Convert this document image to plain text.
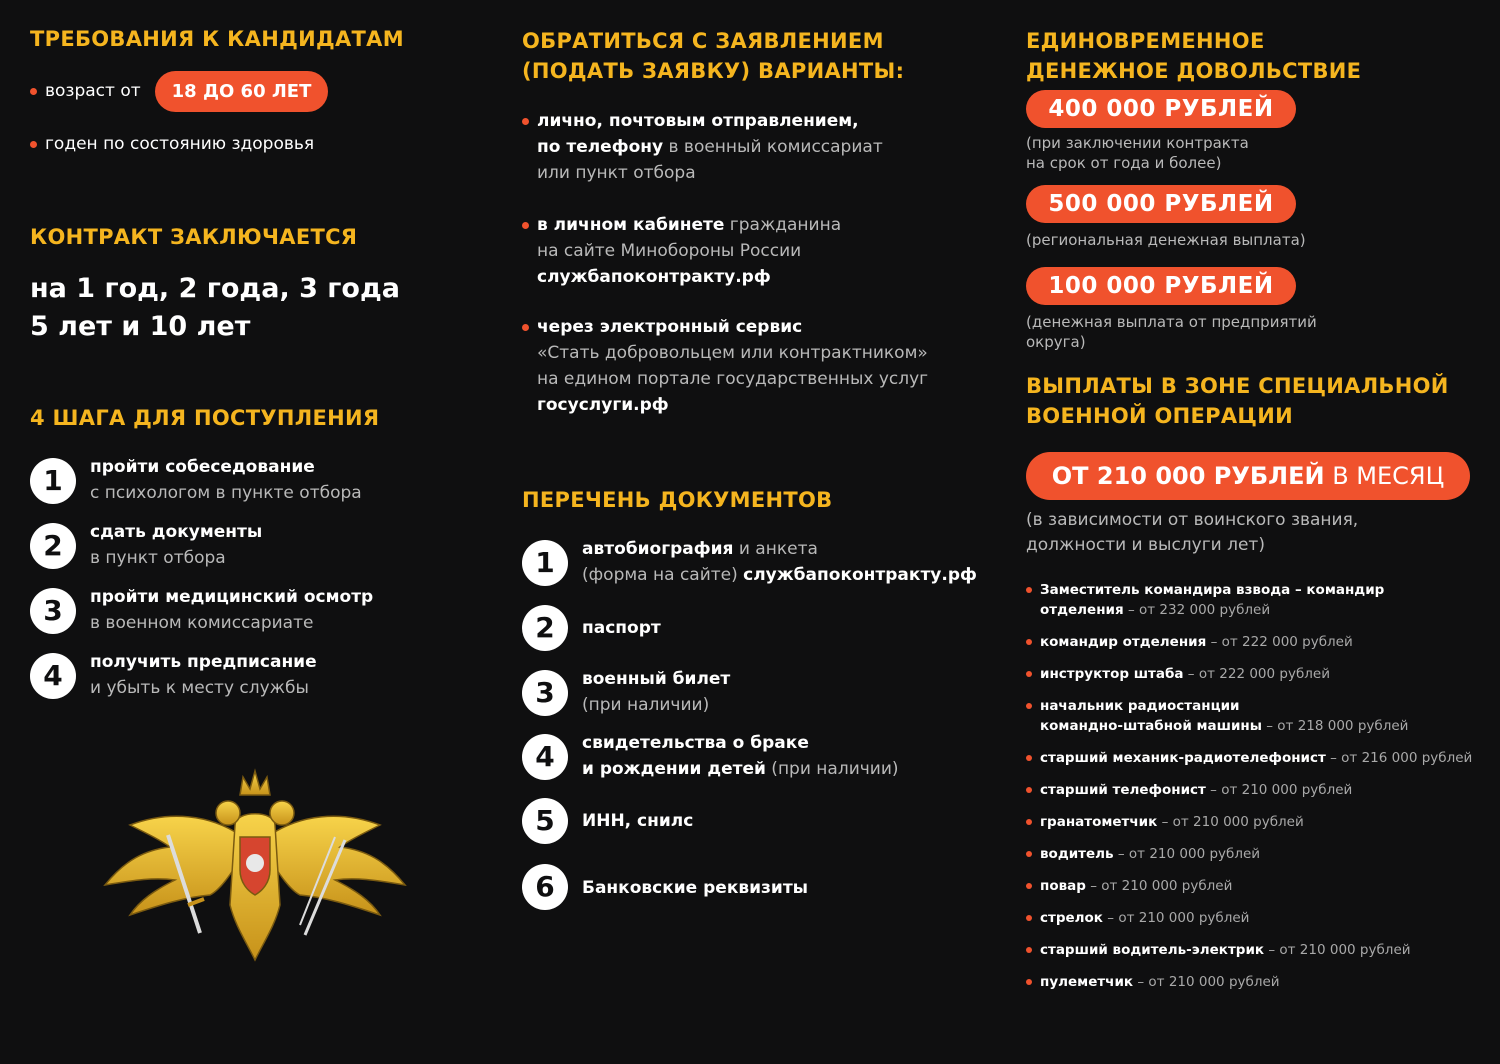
ТРЕБОВАНИЯ К КАНДИДАТАМ
возраст от	18 ДО 60 ЛЕТ
годен по состоянию здоровья
КОНТРАКТ ЗАКЛЮЧАЕТСЯ
на 1 год, 2 года, 3 года
5 лет и 10 лет
4 ШАГА ДЛЯ ПОСТУПЛЕНИЯ
1	пройти собеседование
с психологом в пункте отбора
2	сдать документы
в пункт отбора
3	пройти медицинский осмотр
в военном комиссариате
4	получить предписание
и убыть к месту службы
ОБРАТИТЬСЯ С ЗАЯВЛЕНИЕМ
(ПОДАТЬ ЗАЯВКУ) ВАРИАНТЫ:
лично, почтовым отправлением,
по телефону в военный комиссариат
или пункт отбора
в личном кабинете гражданина
на сайте Минобороны России
службапоконтракту.рф
через электронный сервис
«Стать добровольцем или контрактником»
на едином портале государственных услуг
госуслуги.рф
ПЕРЕЧЕНЬ ДОКУМЕНТОВ
1	автобиография и анкета
(форма на сайте) службапоконтракту.рф
2	паспорт
3	военный билет
(при наличии)
4	свидетельства о браке
и рождении детей (при наличии)
5	ИНН, снилс
6	Банковские реквизиты
ЕДИНОВРЕМЕННОЕ
ДЕНЕЖНОЕ ДОВОЛЬСТВИЕ
400 000 РУБЛЕЙ
(при заключении контракта
на срок от года и более)
500 000 РУБЛЕЙ
(региональная денежная выплата)
100 000 РУБЛЕЙ
(денежная выплата от предприятий
округа)
ВЫПЛАТЫ В ЗОНЕ СПЕЦИАЛЬНОЙ
ВОЕННОЙ ОПЕРАЦИИ
ОТ 210 000 РУБЛЕЙ В МЕСЯЦ
(в зависимости от воинского звания,
должности и выслуги лет)
Заместитель командира взвода – командир
отделения – от 232 000 рублей
командир отделения – от 222 000 рублей
инструктор штаба – от 222 000 рублей
начальник радиостанции
командно-штабной машины – от 218 000 рублей
старший механик-радиотелефонист – от 216 000 рублей
старший телефонист – от 210 000 рублей
гранатометчик – от 210 000 рублей
водитель – от 210 000 рублей
повар – от 210 000 рублей
стрелок – от 210 000 рублей
старший водитель-электрик – от 210 000 рублей
пулеметчик – от 210 000 рублей
